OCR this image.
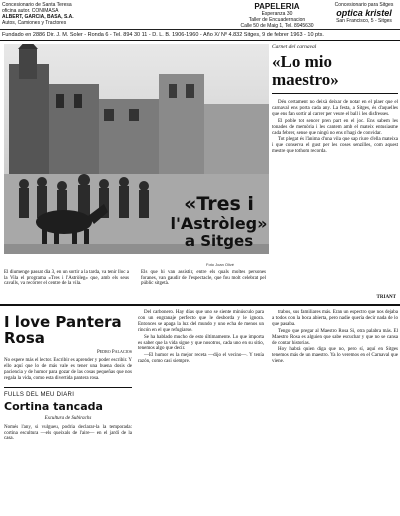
Concesionario de Santa Teresa
oficina autor. CONIMASA
ALBERT, GARCIA, BASA, S.A.
Autos, Camiones y Tractores
PAPELERIA
Esperanza 30
Taller de Encuadernacion
Calle 50 de Maig 1, Tel. 8945630
Concesionario para Sitges
optica kristel
San Francisco, 5 - Sitges
Fundado en 2886 Dir. J. M. Soler - Ronda 6 - Tel. 894 30 11 - D. L. B. 1906-1960 - Año X/ Nº 4.832 Sitges, 9 de febrer 1963 - 10 pts.
«Tres i
l'Astròleg»
a Sitges
Foto Joan Olivé
El diumenge passat dia 3, en un sortir a la tarda, va tenir lloc a la Vila el programa «Tres i l'Astròleg» que, amb els seus cavalls, va recórrer el centre de la vila.
Els que hi van assistir, entre els quals moltes persones foranes, van gaudir de l'espectacle, que fou molt celebrat pel públic sitgetà.
Carnet del carnaval
«Lo mio maestro»

Déu certament no deixà deixar de notar en el plaer que el carnaval ens porta cada any. La festa, a Sitges, és d'aquelles que ens fan sortir al carrer per veure el ball i les disfresses.

El poble tot sencer pren part en el joc. Ens sabem les tonades de memòria i les cantem amb el mateix entusiasme cada febrer, sense que ningú no ens n'hagi de convidar.

Tot plegat és l'ànima d'una vila que sap riure d'ella mateixa i que conserva el gust per les coses senzilles, com aquest mestre que tothom recorda.

TRIANT
I love Pantera Rosa
Pedro Palacios
No espere más el lector. Escribir es aprender y poder escribir. Y ello aquí que lo de más vale es tener una buena dosis de paciencia y de humor para gozar de las cosas pequeñas que nos regala la vida, como esta divertida pantera rosa.
FULLS DEL MEU DIARI
Cortina tancada
Escultura de Subirachs
Només l'any, si vulgueu, podria declarar-la la temporada: cortina escultura —els queixals de l'aire— en el jardí de la casa.

Del carbonero. Hay días que uno se siente minúsculo para con un engranaje perfecto que le desborda y le ignora. Entonces se apaga la luz del mundo y uno echa de menos un rincón en el que refugiarse.

Se ha hablado mucho de esto últimamente. Lo que importa es saber que la vida sigue y que nosotros, cada uno en su sitio, tenemos algo que decir.

—El humor es la mejor receta —dijo el vecino—. Y tenía razón, como casi siempre.

trabos, sus familiares más. Eran un espectro que nos dejaba a todos con la boca abierta, pero nadie quería decir nada de lo que pasaba.

Tengo que pregar al Maestro Rosa Si, otra palabra más. El Maestro Rosa es alguien que sabe escuchar y que no se cansa de contar historias.

Hoy habrá quien diga que no, pero sí, aquí en Sitges tenemos más de un maestro. Ya lo veremos en el Carnaval que viene.
